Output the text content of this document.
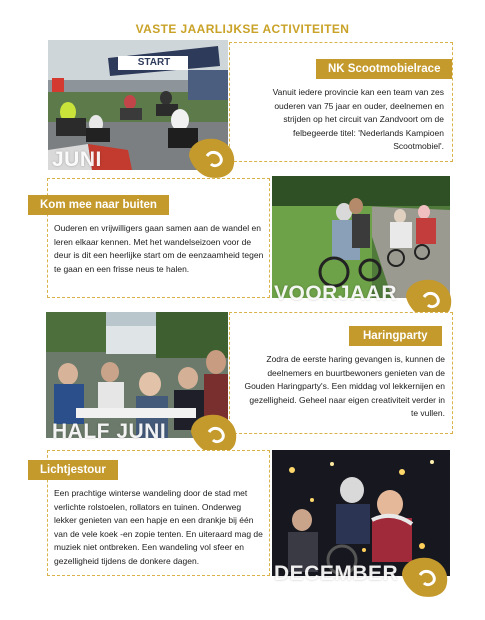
VASTE JAARLIJKSE ACTIVITEITEN
NK Scootmobielrace
Vanuit iedere provincie kan een team van zes ouderen van 75 jaar en ouder, deelnemen en strijden op het circuit van Zandvoort om de felbegeerde titel: 'Nederlands Kampioen Scootmobiel'.
START
JUNI
Kom mee naar buiten
Ouderen en vrijwilligers gaan samen aan de wandel en leren elkaar kennen. Met het wandelseizoen voor de deur is dit een heerlijke start om de eenzaamheid tegen te gaan en een frisse neus te halen.
VOORJAAR
Haringparty
Zodra de eerste haring gevangen is, kunnen de deelnemers en buurtbewoners genieten van de Gouden Haringparty's. Een middag vol lekkernijen en gezelligheid. Geheel naar eigen creativiteit verder in te vullen.
HALF JUNI
Lichtjestour
Een prachtige winterse wandeling door de stad met verlichte rolstoelen, rollators en tuinen. Onderweg lekker genieten van een hapje en een drankje bij één van de vele koek -en zopie tenten. En uiteraard mag de muziek niet ontbreken. Een wandeling vol sfeer en gezelligheid tijdens de donkere dagen.
DECEMBER
